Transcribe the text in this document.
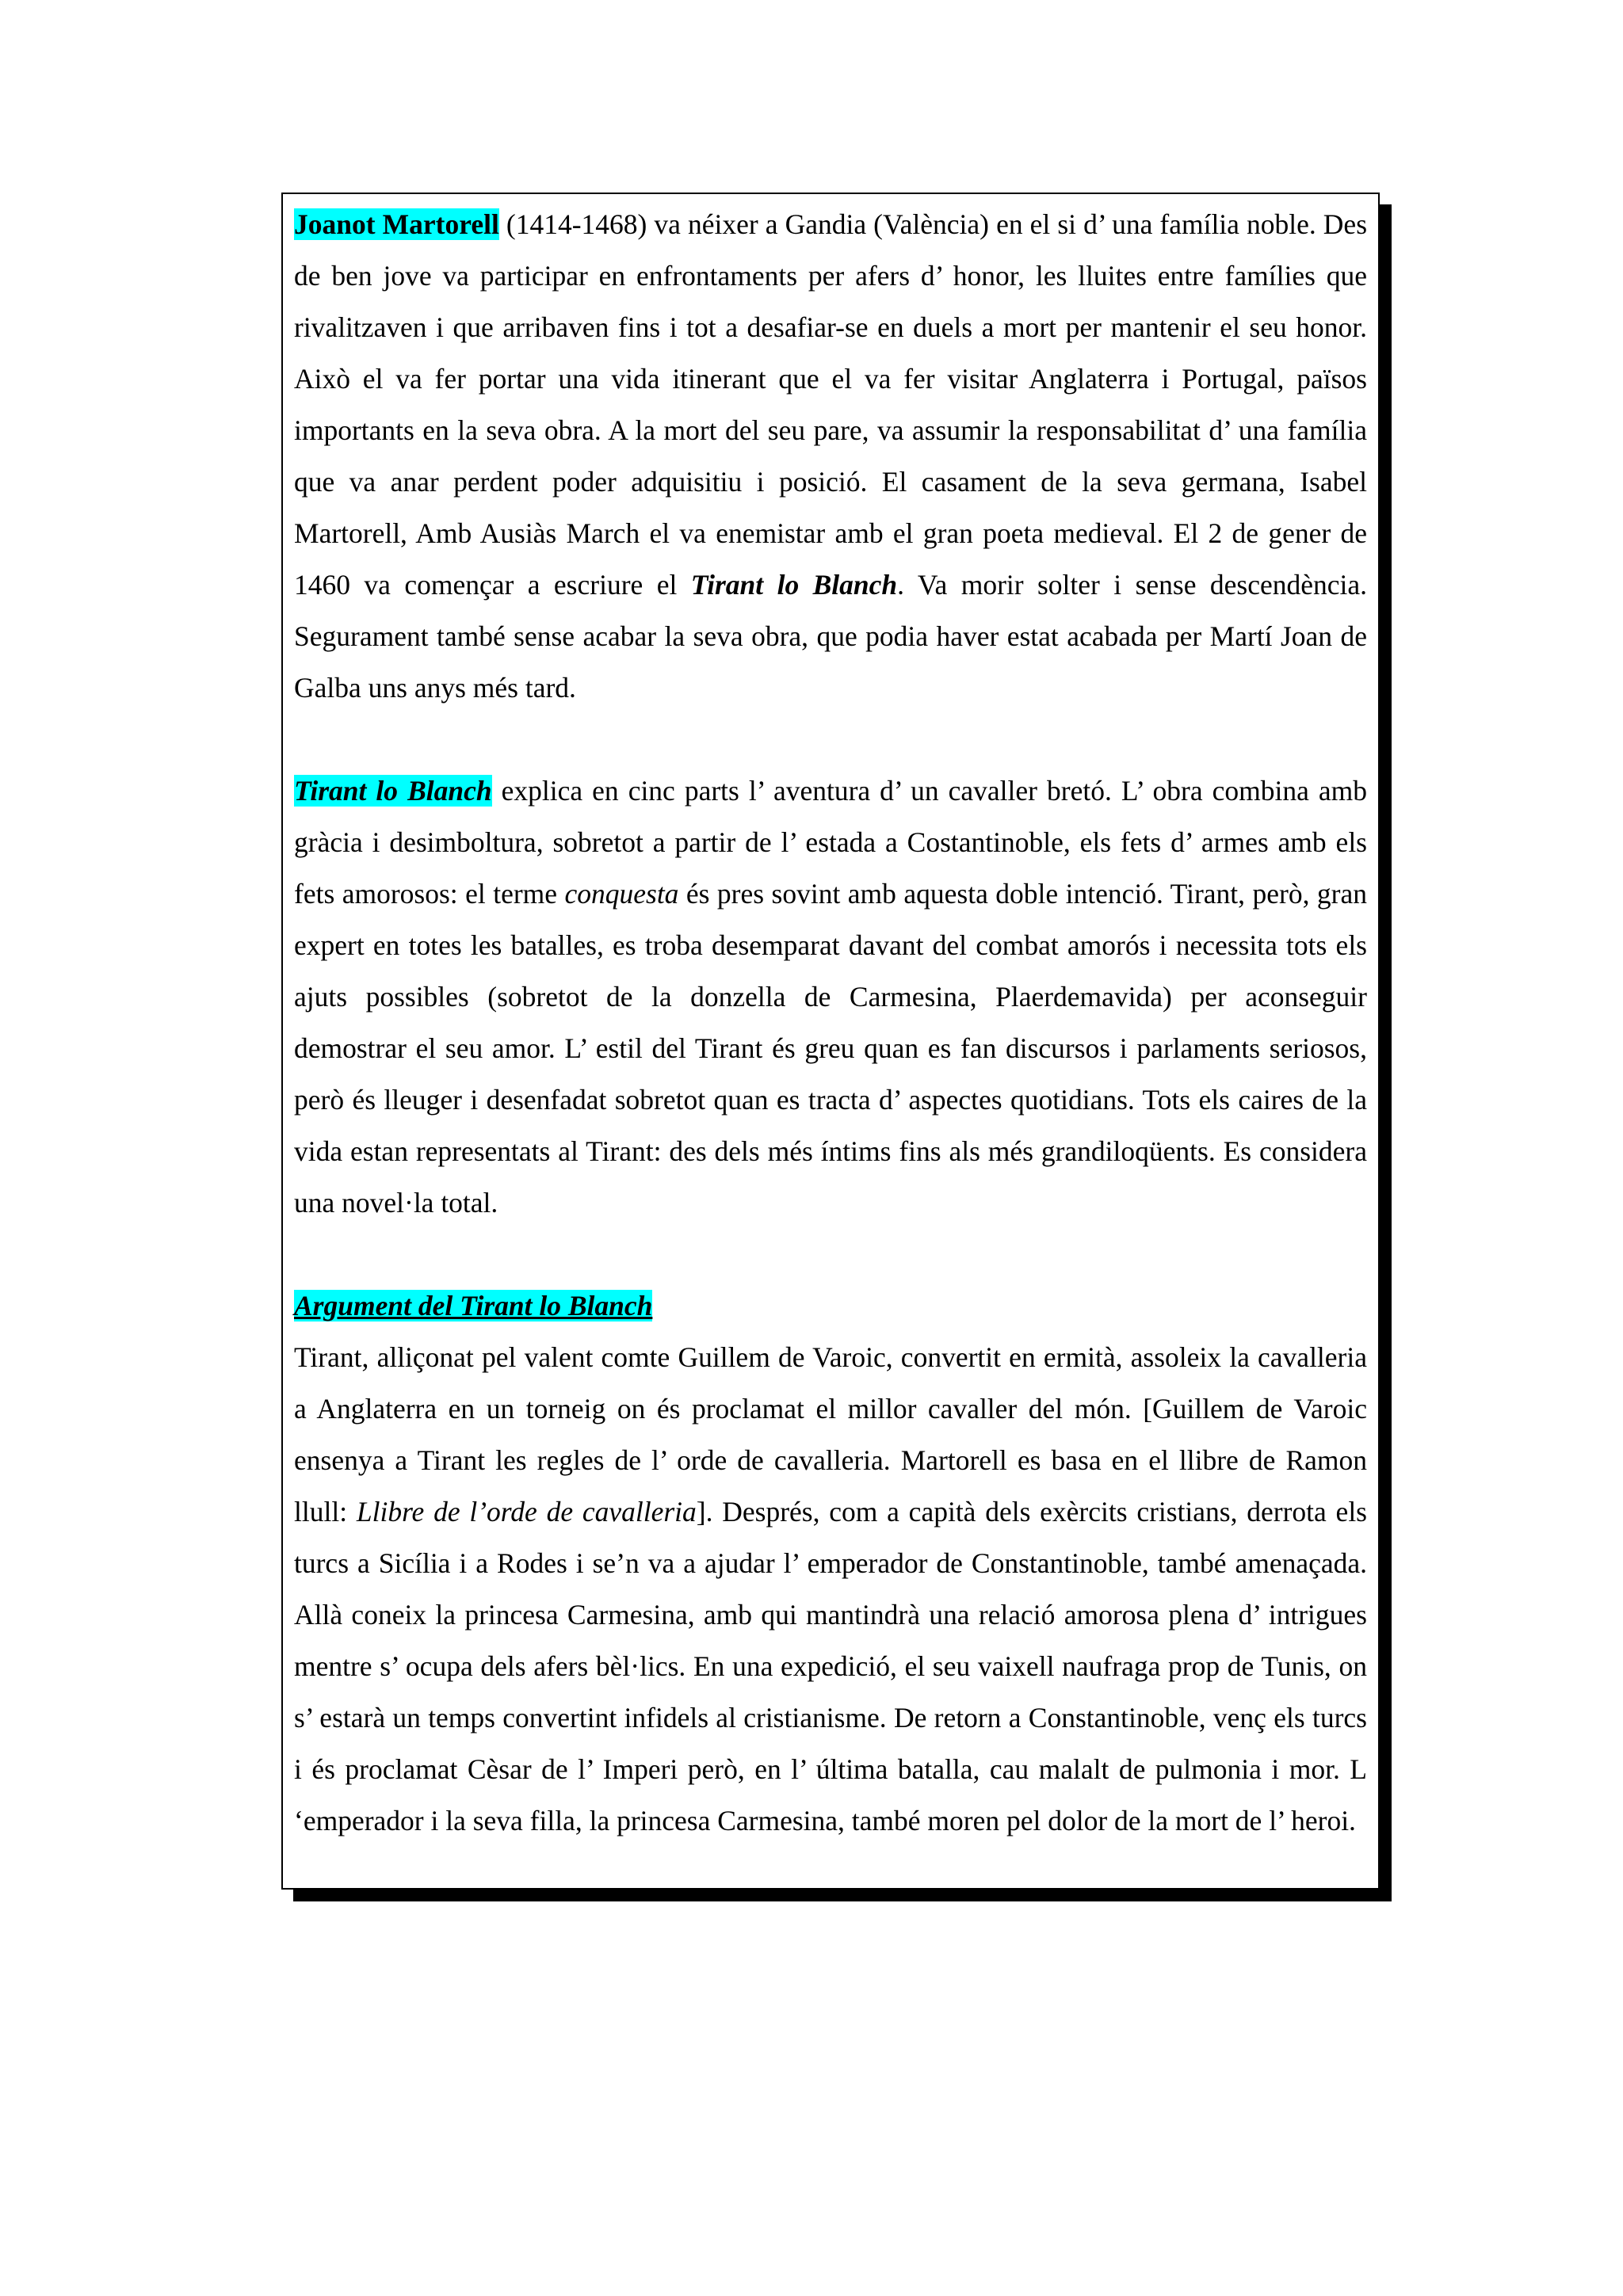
Joanot Martorell (1414-1468) va néixer a Gandia (València) en el si d’ una família noble. Des de ben jove va participar en enfrontaments per afers d’ honor, les lluites entre famílies que rivalitzaven i que arribaven fins i tot a desafiar-se en duels a mort per mantenir el seu honor. Això el va fer portar una vida itinerant que el va fer visitar Anglaterra i Portugal, països importants en la seva obra. A la mort del seu pare, va assumir la responsabilitat d’ una família que va anar perdent poder adquisitiu i posició. El casament de la seva germana, Isabel Martorell, Amb Ausiàs March el va enemistar amb el gran poeta medieval. El 2 de gener de 1460 va començar a escriure el Tirant lo Blanch. Va morir solter i sense descendència. Segurament també sense acabar la seva obra, que podia haver estat acabada per Martí Joan de Galba uns anys més tard.

Tirant lo Blanch explica en cinc parts l’ aventura d’ un cavaller bretó. L’ obra combina amb gràcia i desimboltura, sobretot a partir de l’ estada a Costantinoble, els fets d’ armes amb els fets amorosos: el terme conquesta és pres sovint amb aquesta doble intenció. Tirant, però, gran expert en totes les batalles, es troba desemparat davant del combat amorós i necessita tots els ajuts possibles (sobretot de la donzella de Carmesina, Plaerdemavida) per aconseguir demostrar el seu amor. L’ estil del Tirant és greu quan es fan discursos i parlaments seriosos, però és lleuger i desenfadat sobretot quan es tracta d’ aspectes quotidians. Tots els caires de la vida estan representats al Tirant: des dels més íntims fins als més grandiloqüents. Es considera una novel·la total.

Argument del Tirant lo Blanch

Tirant, alliçonat pel valent comte Guillem de Varoic, convertit en ermità, assoleix la cavalleria a Anglaterra en un torneig on és proclamat el millor cavaller del món. [Guillem de Varoic ensenya a Tirant les regles de l’ orde de cavalleria. Martorell es basa en el llibre de Ramon llull: Llibre de l’orde de cavalleria]. Després, com a capità dels exèrcits cristians, derrota els turcs a Sicília i a Rodes i se’n va a ajudar l’ emperador de Constantinoble, també amenaçada. Allà coneix la princesa Carmesina, amb qui mantindrà una relació amorosa plena d’ intrigues mentre s’ ocupa dels afers bèl·lics. En una expedició, el seu vaixell naufraga prop de Tunis, on s’ estarà un temps convertint infidels al cristianisme. De retorn a Constantinoble, venç els turcs i és proclamat Cèsar de l’ Imperi però, en l’ última batalla, cau malalt de pulmonia i mor. L ‘emperador i la seva filla, la princesa Carmesina, també moren pel dolor de la mort de l’ heroi.
